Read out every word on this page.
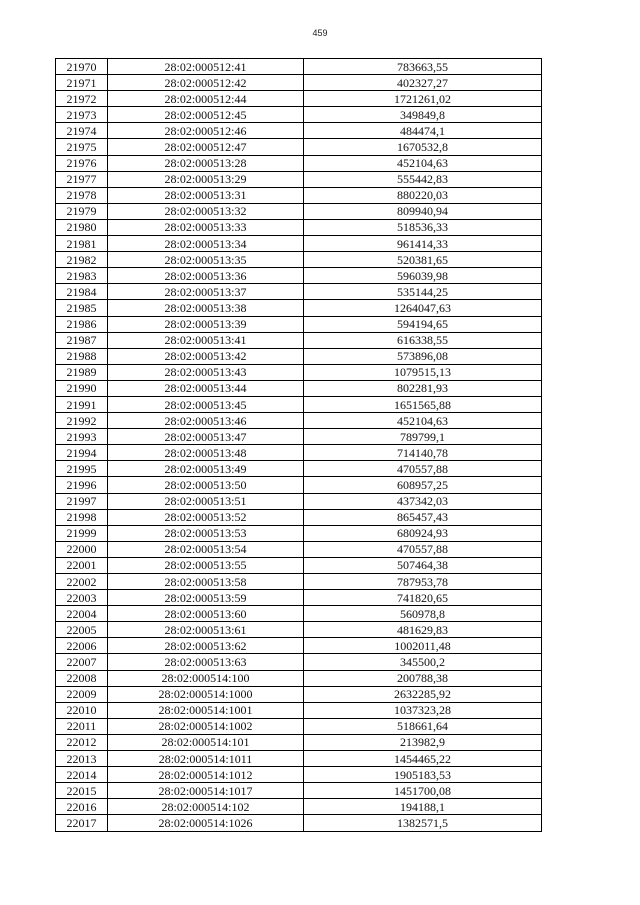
459
21970	28:02:000512:41	783663,55
21971	28:02:000512:42	402327,27
21972	28:02:000512:44	1721261,02
21973	28:02:000512:45	349849,8
21974	28:02:000512:46	484474,1
21975	28:02:000512:47	1670532,8
21976	28:02:000513:28	452104,63
21977	28:02:000513:29	555442,83
21978	28:02:000513:31	880220,03
21979	28:02:000513:32	809940,94
21980	28:02:000513:33	518536,33
21981	28:02:000513:34	961414,33
21982	28:02:000513:35	520381,65
21983	28:02:000513:36	596039,98
21984	28:02:000513:37	535144,25
21985	28:02:000513:38	1264047,63
21986	28:02:000513:39	594194,65
21987	28:02:000513:41	616338,55
21988	28:02:000513:42	573896,08
21989	28:02:000513:43	1079515,13
21990	28:02:000513:44	802281,93
21991	28:02:000513:45	1651565,88
21992	28:02:000513:46	452104,63
21993	28:02:000513:47	789799,1
21994	28:02:000513:48	714140,78
21995	28:02:000513:49	470557,88
21996	28:02:000513:50	608957,25
21997	28:02:000513:51	437342,03
21998	28:02:000513:52	865457,43
21999	28:02:000513:53	680924,93
22000	28:02:000513:54	470557,88
22001	28:02:000513:55	507464,38
22002	28:02:000513:58	787953,78
22003	28:02:000513:59	741820,65
22004	28:02:000513:60	560978,8
22005	28:02:000513:61	481629,83
22006	28:02:000513:62	1002011,48
22007	28:02:000513:63	345500,2
22008	28:02:000514:100	200788,38
22009	28:02:000514:1000	2632285,92
22010	28:02:000514:1001	1037323,28
22011	28:02:000514:1002	518661,64
22012	28:02:000514:101	213982,9
22013	28:02:000514:1011	1454465,22
22014	28:02:000514:1012	1905183,53
22015	28:02:000514:1017	1451700,08
22016	28:02:000514:102	194188,1
22017	28:02:000514:1026	1382571,5
